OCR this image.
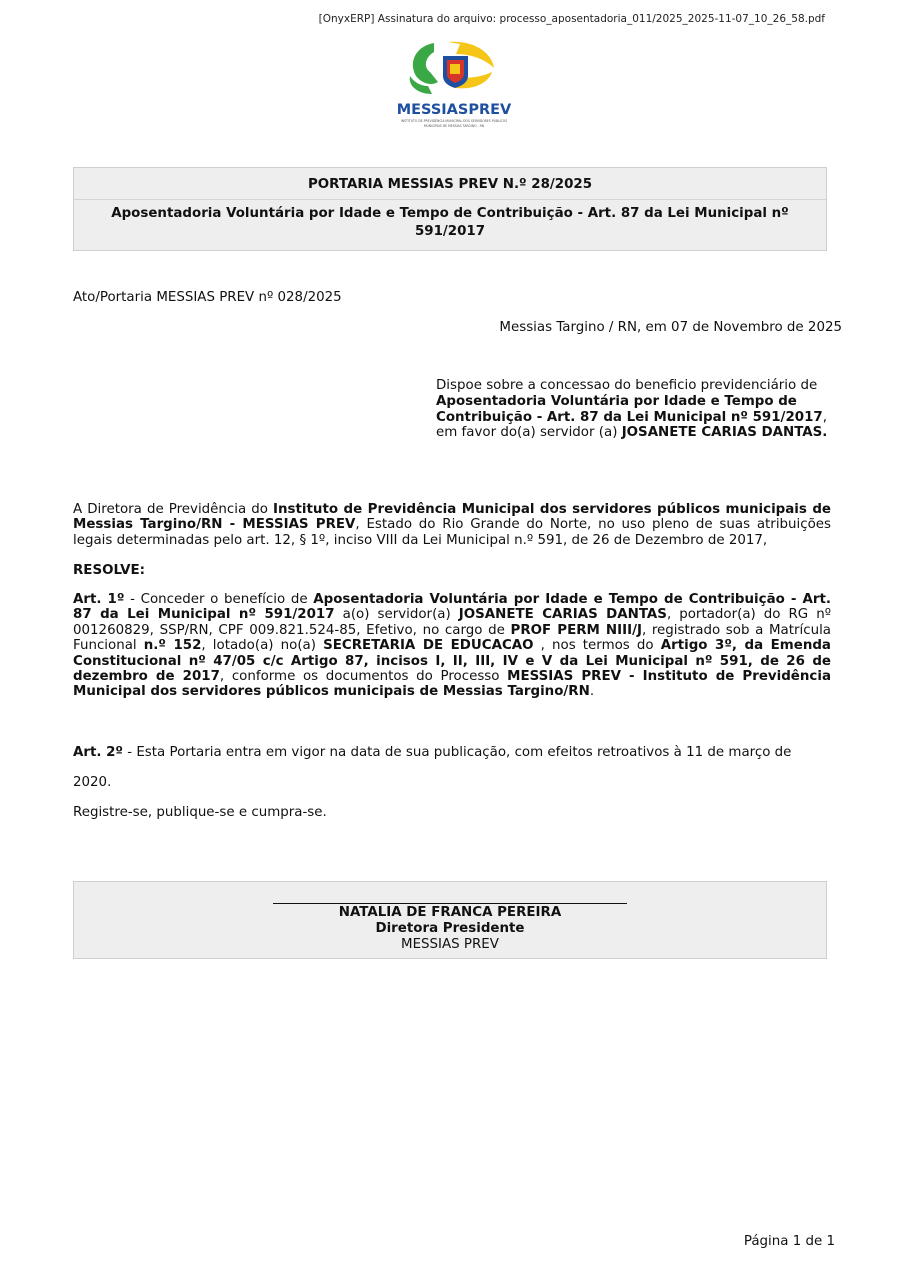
[OnyxERP] Assinatura do arquivo: processo_aposentadoria_011/2025_2025-11-07_10_26_58.pdf
MESSIASPREV
INSTITUTO DE PREVIDÊNCIA MUNICIPAL DOS SERVIDORES PÚBLICOS
MUNICIPAIS DE MESSIAS TARGINO - RN
PORTARIA MESSIAS PREV N.º 28/2025
Aposentadoria Voluntária por Idade e Tempo de Contribuição - Art. 87 da Lei Municipal nº
591/2017
Ato/Portaria MESSIAS PREV nº 028/2025
Messias Targino / RN, em 07 de Novembro de 2025
Dispoe sobre a concessao do beneficio previdenciário de Aposentadoria Voluntária por Idade e Tempo de Contribuição - Art. 87 da Lei Municipal nº 591/2017, em favor do(a) servidor (a) JOSANETE CARIAS DANTAS.
A Diretora de Previdência do Instituto de Previdência Municipal dos servidores públicos municipais de Messias Targino/RN - MESSIAS PREV, Estado do Rio Grande do Norte, no uso pleno de suas atribuições legais determinadas pelo art. 12, § 1º, inciso VIII da Lei Municipal n.º 591, de 26 de Dezembro de 2017,
RESOLVE:
Art. 1º - Conceder o benefício de Aposentadoria Voluntária por Idade e Tempo de Contribuição - Art. 87 da Lei Municipal nº 591/2017 a(o) servidor(a) JOSANETE CARIAS DANTAS, portador(a) do RG nº 001260829, SSP/RN, CPF 009.821.524-85, Efetivo, no cargo de PROF PERM NIII/J, registrado sob a Matrícula Funcional n.º 152, lotado(a) no(a) SECRETARIA DE EDUCACAO , nos termos do Artigo 3º, da Emenda Constitucional nº 47/05 c/c Artigo 87, incisos I, II, III, IV e V da Lei Municipal nº 591, de 26 de dezembro de 2017, conforme os documentos do Processo MESSIAS PREV - Instituto de Previdência Municipal dos servidores públicos municipais de Messias Targino/RN.
Art. 2º - Esta Portaria entra em vigor na data de sua publicação, com efeitos retroativos à 11 de março de
2020.
Registre-se, publique-se e cumpra-se.
NATALIA DE FRANCA PEREIRA
Diretora Presidente
MESSIAS PREV
Página 1 de 1
